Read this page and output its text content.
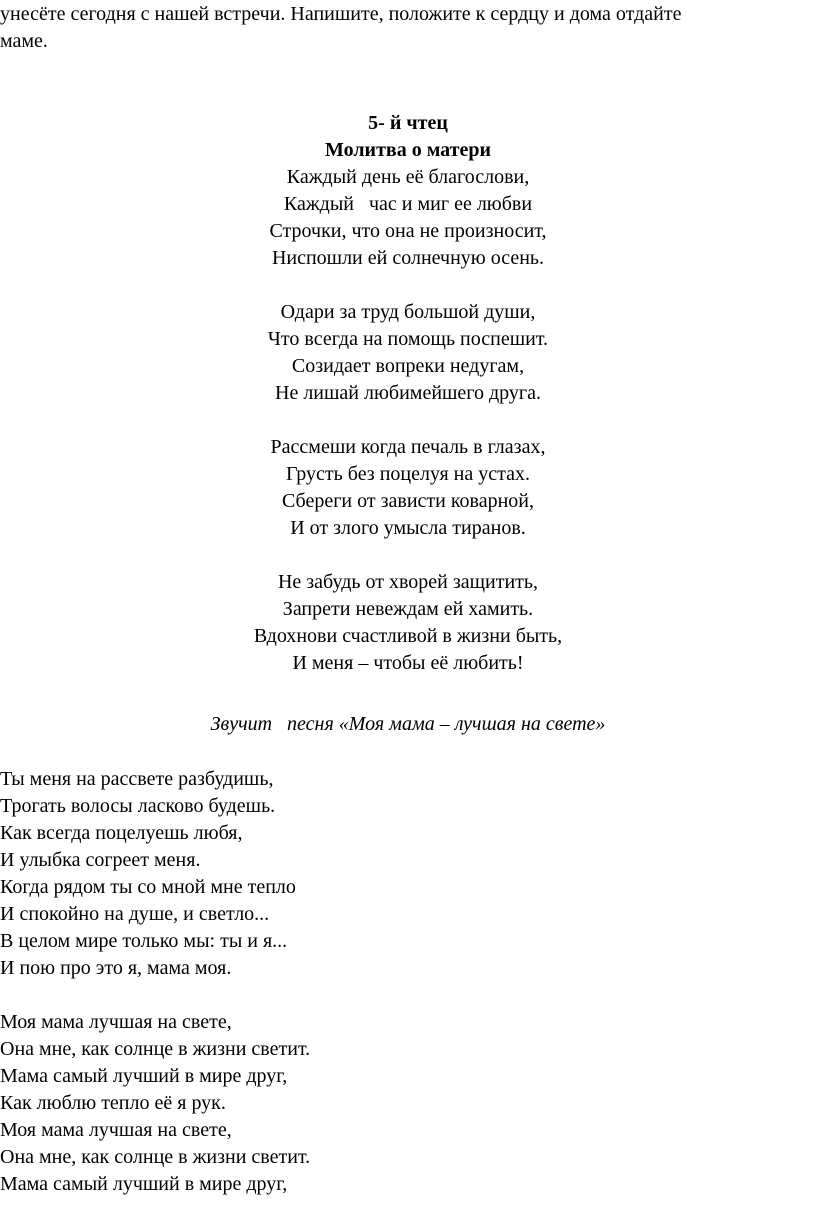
унесёте сегодня с нашей встречи. Напишите, положите к сердцу и дома отдайте
маме.
5- й чтец
Молитва о матери
Каждый день её благослови,
Каждый   час и миг ее любви
Строчки, что она не произносит,
Ниспошли ей солнечную осень.
Одари за труд большой души,
Что всегда на помощь поспешит.
Созидает вопреки недугам,
Не лишай любимейшего друга.
Рассмеши когда печаль в глазах,
Грусть без поцелуя на устах.
Сбереги от зависти коварной,
И от злого умысла тиранов.
Не забудь от хворей защитить,
Запрети невеждам ей хамить.
Вдохнови счастливой в жизни быть,
И меня – чтобы её любить!
Звучит   песня «Моя мама – лучшая на свете»
Ты меня на рассвете разбудишь,
Трогать волосы ласково будешь.
Как всегда поцелуешь любя,
И улыбка согреет меня.
Когда рядом ты со мной мне тепло
И спокойно на душе, и светло...
В целом мире только мы: ты и я...
И пою про это я, мама моя.
Моя мама лучшая на свете,
Она мне, как солнце в жизни светит.
Мама самый лучший в мире друг,
Как люблю тепло её я рук.
Моя мама лучшая на свете,
Она мне, как солнце в жизни светит.
Мама самый лучший в мире друг,
